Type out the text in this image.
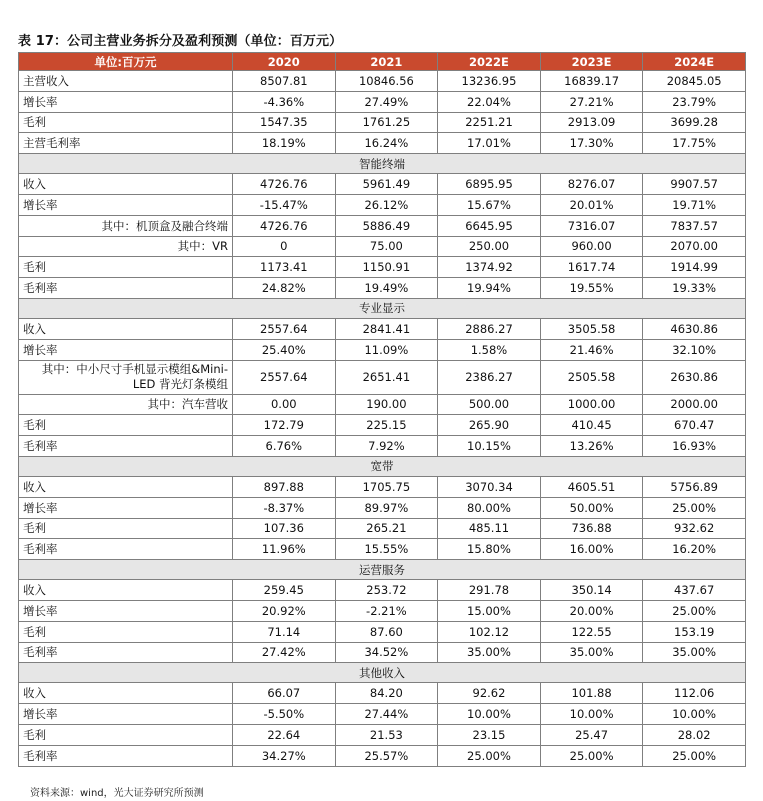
表 17：公司主营业务拆分及盈利预测（单位：百万元）
单位:百万元	2020	2021	2022E	2023E	2024E
主营收入	8507.81	10846.56	13236.95	16839.17	20845.05
增长率	-4.36%	27.49%	22.04%	27.21%	23.79%
毛利	1547.35	1761.25	2251.21	2913.09	3699.28
主营毛利率	18.19%	16.24%	17.01%	17.30%	17.75%
智能终端					
收入	4726.76	5961.49	6895.95	8276.07	9907.57
增长率	-15.47%	26.12%	15.67%	20.01%	19.71%
其中：机顶盒及融合终端	4726.76	5886.49	6645.95	7316.07	7837.57
其中：VR	0	75.00	250.00	960.00	2070.00
毛利	1173.41	1150.91	1374.92	1617.74	1914.99
毛利率	24.82%	19.49%	19.94%	19.55%	19.33%
专业显示					
收入	2557.64	2841.41	2886.27	3505.58	4630.86
增长率	25.40%	11.09%	1.58%	21.46%	32.10%
其中：中小尺寸手机显示模组&Mini-LED 背光灯条模组	2557.64	2651.41	2386.27	2505.58	2630.86
其中：汽车营收	0.00	190.00	500.00	1000.00	2000.00
毛利	172.79	225.15	265.90	410.45	670.47
毛利率	6.76%	7.92%	10.15%	13.26%	16.93%
宽带					
收入	897.88	1705.75	3070.34	4605.51	5756.89
增长率	-8.37%	89.97%	80.00%	50.00%	25.00%
毛利	107.36	265.21	485.11	736.88	932.62
毛利率	11.96%	15.55%	15.80%	16.00%	16.20%
运营服务					
收入	259.45	253.72	291.78	350.14	437.67
增长率	20.92%	-2.21%	15.00%	20.00%	25.00%
毛利	71.14	87.60	102.12	122.55	153.19
毛利率	27.42%	34.52%	35.00%	35.00%	35.00%
其他收入					
收入	66.07	84.20	92.62	101.88	112.06
增长率	-5.50%	27.44%	10.00%	10.00%	10.00%
毛利	22.64	21.53	23.15	25.47	28.02
毛利率	34.27%	25.57%	25.00%	25.00%	25.00%
资料来源：wind，光大证券研究所预测
